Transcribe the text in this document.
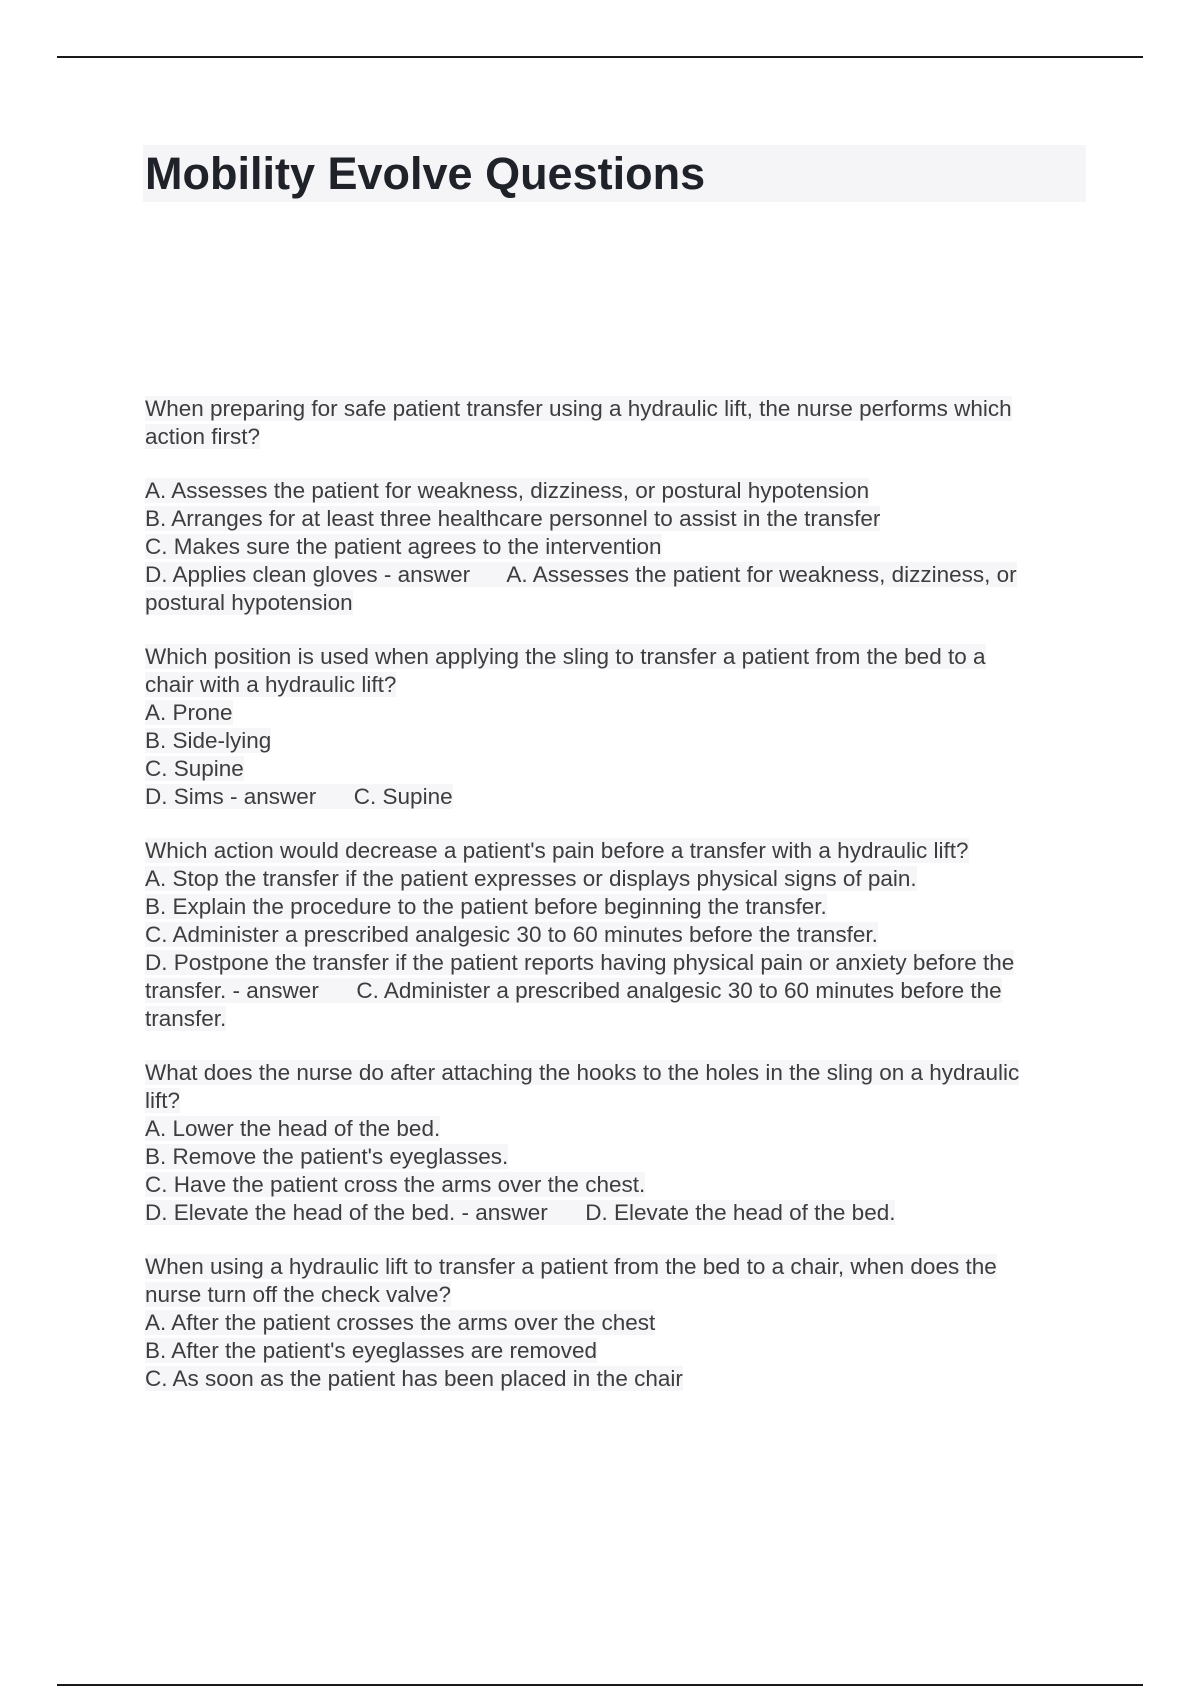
Mobility Evolve Questions
When preparing for safe patient transfer using a hydraulic lift, the nurse performs which
action first?
A. Assesses the patient for weakness, dizziness, or postural hypotension
B. Arranges for at least three healthcare personnel to assist in the transfer
C. Makes sure the patient agrees to the intervention
D. Applies clean gloves - answer      A. Assesses the patient for weakness, dizziness, or
postural hypotension
Which position is used when applying the sling to transfer a patient from the bed to a
chair with a hydraulic lift?
A. Prone
B. Side-lying
C. Supine
D. Sims - answer      C. Supine
Which action would decrease a patient's pain before a transfer with a hydraulic lift?
A. Stop the transfer if the patient expresses or displays physical signs of pain.
B. Explain the procedure to the patient before beginning the transfer.
C. Administer a prescribed analgesic 30 to 60 minutes before the transfer.
D. Postpone the transfer if the patient reports having physical pain or anxiety before the
transfer. - answer      C. Administer a prescribed analgesic 30 to 60 minutes before the
transfer.
What does the nurse do after attaching the hooks to the holes in the sling on a hydraulic
lift?
A. Lower the head of the bed.
B. Remove the patient's eyeglasses.
C. Have the patient cross the arms over the chest.
D. Elevate the head of the bed. - answer      D. Elevate the head of the bed.
When using a hydraulic lift to transfer a patient from the bed to a chair, when does the
nurse turn off the check valve?
A. After the patient crosses the arms over the chest
B. After the patient's eyeglasses are removed
C. As soon as the patient has been placed in the chair
